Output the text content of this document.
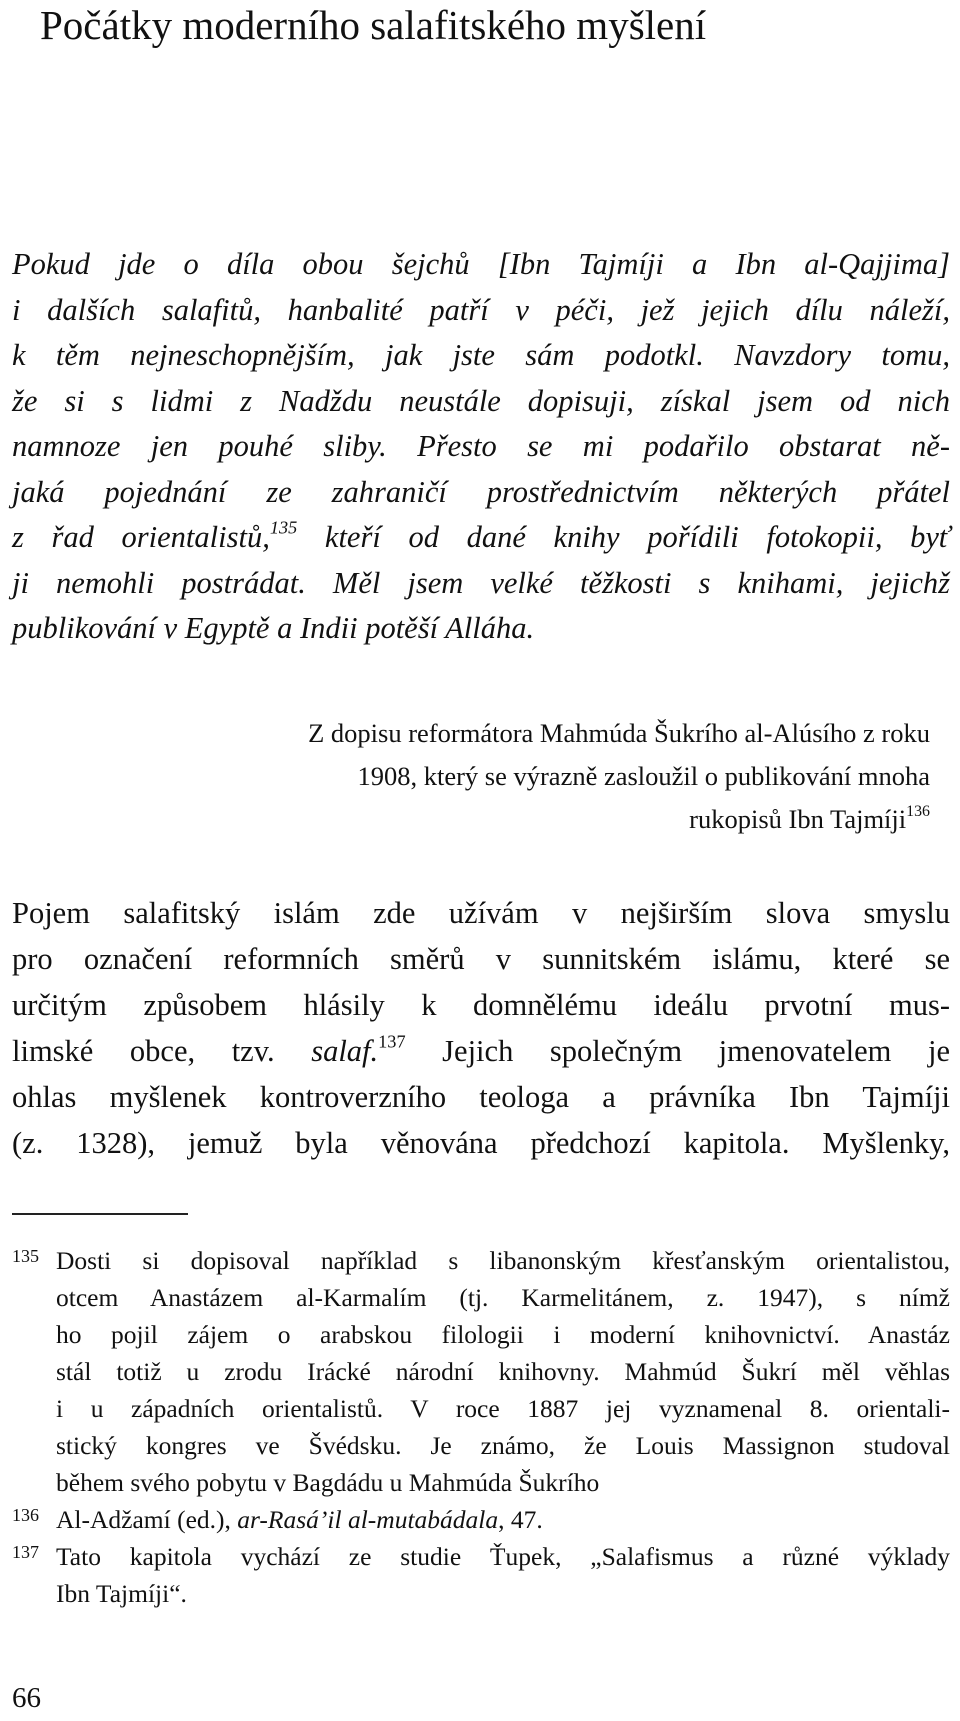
Počátky moderního salafitského myšlení
Pokud jde o díla obou šejchů [Ibn Tajmíji a Ibn al-Qajjima]
i dalších salafitů, hanbalité patří v péči, jež jejich dílu náleží,
k těm nejneschopnějším, jak jste sám podotkl. Navzdory tomu,
že si s lidmi z Nadždu neustále dopisuji, získal jsem od nich
namnoze jen pouhé sliby. Přesto se mi podařilo obstarat ně-
jaká pojednání ze zahraničí prostřednictvím některých přátel
z řad orientalistů,$^{135}$ kteří od dané knihy pořídili fotokopii, byť
ji nemohli postrádat. Měl jsem velké těžkosti s knihami, jejichž
publikování v Egyptě a Indii potěší Alláha.
Z dopisu reformátora Mahmúda Šukrího al-Alúsího z roku
1908, který se výrazně zasloužil o publikování mnoha
rukopisů Ibn Tajmíji$^{136}$
Pojem salafitský islám zde užívám v nejširším slova smyslu
pro označení reformních směrů v sunnitském islámu, které se
určitým způsobem hlásily k domnělému ideálu prvotní mus-
limské obce, tzv. salaf.$^{137}$ Jejich společným jmenovatelem je
ohlas myšlenek kontroverzního teologa a právníka Ibn Tajmíji
(z. 1328), jemuž byla věnována předchozí kapitola. Myšlenky,
135 Dosti si dopisoval například s libanonským křesťanským orientalistou,
otcem Anastázem al-Karmalím (tj. Karmelitánem, z. 1947), s nímž
ho pojil zájem o arabskou filologii i moderní knihovnictví. Anastáz
stál totiž u zrodu Irácké národní knihovny. Mahmúd Šukrí měl věhlas
i u západních orientalistů. V roce 1887 jej vyznamenal 8. orientali-
stický kongres ve Švédsku. Je známo, že Louis Massignon studoval
během svého pobytu v Bagdádu u Mahmúda Šukrího
136 Al-Adžamí (ed.), ar-Rasá’il al-mutabádala, 47.
137 Tato kapitola vychází ze studie Ťupek, „Salafismus a různé výklady
Ibn Tajmíji“.
66
